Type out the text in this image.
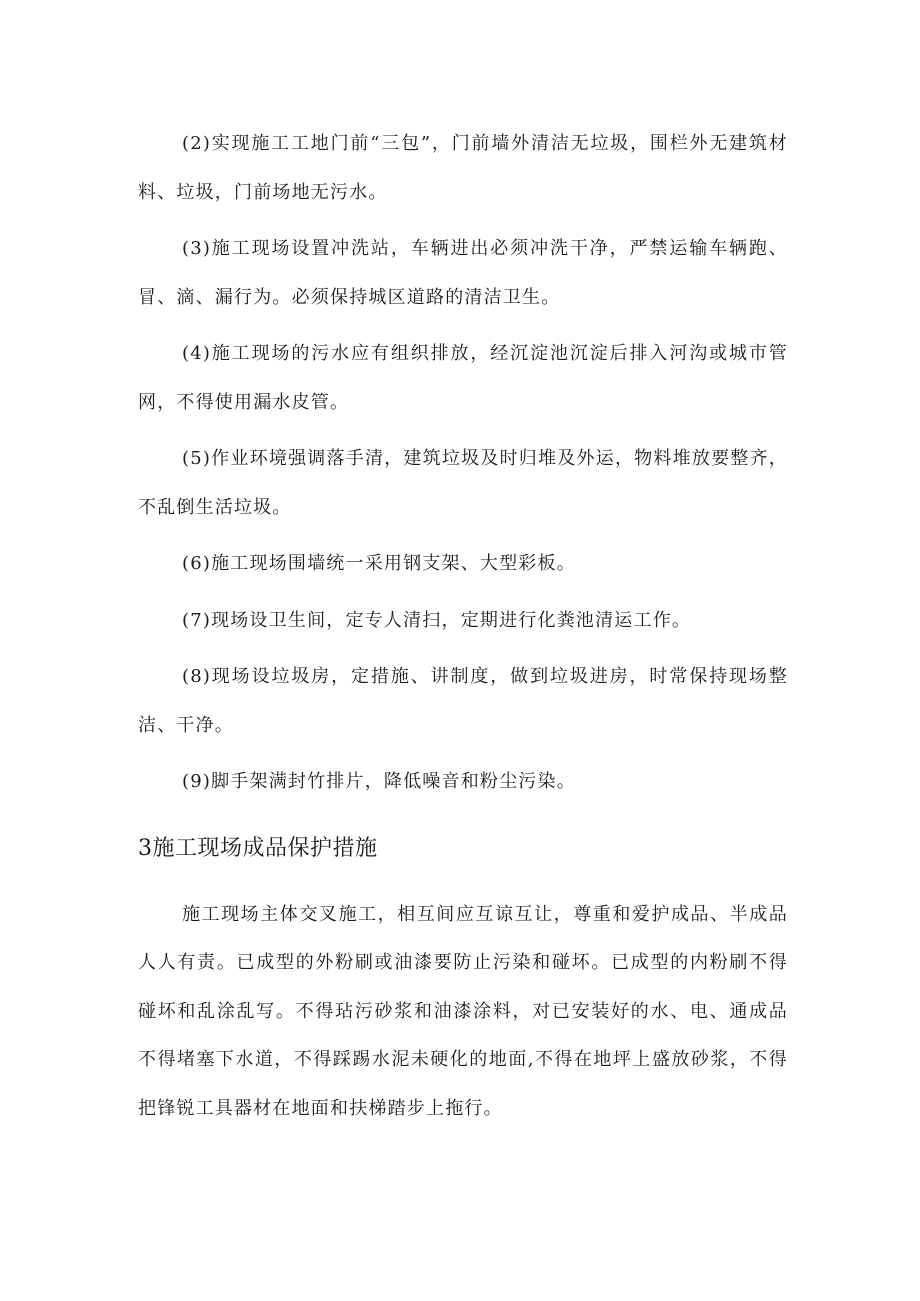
(2)实现施工工地门前“三包”，门前墙外清洁无垃圾，围栏外无建筑材料、垃圾，门前场地无污水。

(3)施工现场设置冲洗站，车辆进出必须冲洗干净，严禁运输车辆跑、冒、滴、漏行为。必须保持城区道路的清洁卫生。

(4)施工现场的污水应有组织排放，经沉淀池沉淀后排入河沟或城市管网，不得使用漏水皮管。

(5)作业环境强调落手清，建筑垃圾及时归堆及外运，物料堆放要整齐，不乱倒生活垃圾。

(6)施工现场围墙统一采用钢支架、大型彩板。

(7)现场设卫生间，定专人清扫，定期进行化粪池清运工作。

(8)现场设垃圾房，定措施、讲制度，做到垃圾进房，时常保持现场整洁、干净。

(9)脚手架满封竹排片，降低噪音和粉尘污染。

3施工现场成品保护措施

施工现场主体交叉施工，相互间应互谅互让，尊重和爱护成品、半成品人人有责。已成型的外粉刷或油漆要防止污染和碰坏。已成型的内粉刷不得碰坏和乱涂乱写。不得玷污砂浆和油漆涂料，对已安装好的水、电、通成品不得堵塞下水道，不得踩踢水泥未硬化的地面,不得在地坪上盛放砂浆，不得把锋锐工具器材在地面和扶梯踏步上拖行。
